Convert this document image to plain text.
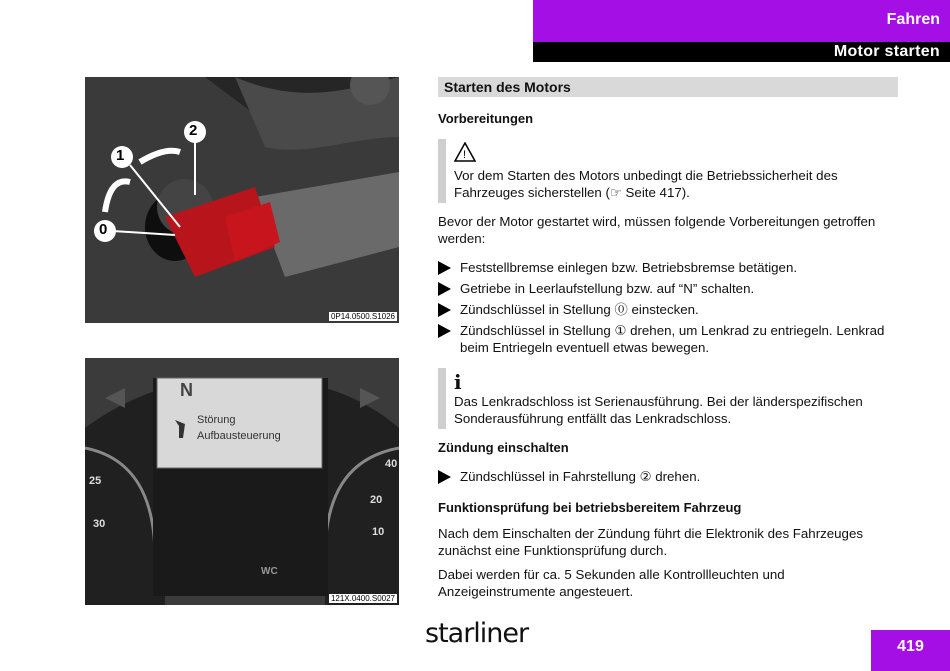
Fahren
Motor starten
0
1
2
0P14.0500.S1026
N
Störung
Aufbausteuerung
25
30
40
20
10
WC
121X.0400.S0027
Starten des Motors
Vorbereitungen
!
Vor dem Starten des Motors unbedingt die Betriebssicherheit des Fahrzeuges sicherstellen (☞ Seite 417).
Bevor der Motor gestartet wird, müssen folgende Vorbereitungen getroffen werden:
Feststellbremse einlegen bzw. Betriebsbremse betätigen.
Getriebe in Leerlaufstellung bzw. auf “N” schalten.
Zündschlüssel in Stellung ⓪ einstecken.
Zündschlüssel in Stellung ① drehen, um Lenkrad zu entriegeln. Lenkrad beim Entriegeln eventuell etwas bewegen.
i
Das Lenkradschloss ist Serienausführung. Bei der länderspezifischen Sonderausführung entfällt das Lenkradschloss.
Zündung einschalten
Zündschlüssel in Fahrstellung ② drehen.
Funktionsprüfung bei betriebsbereitem Fahrzeug
Nach dem Einschalten der Zündung führt die Elektronik des Fahrzeuges zunächst eine Funktionsprüfung durch.
Dabei werden für ca. 5 Sekunden alle Kontrollleuchten und Anzeigeinstrumente angesteuert.
starliner	419
